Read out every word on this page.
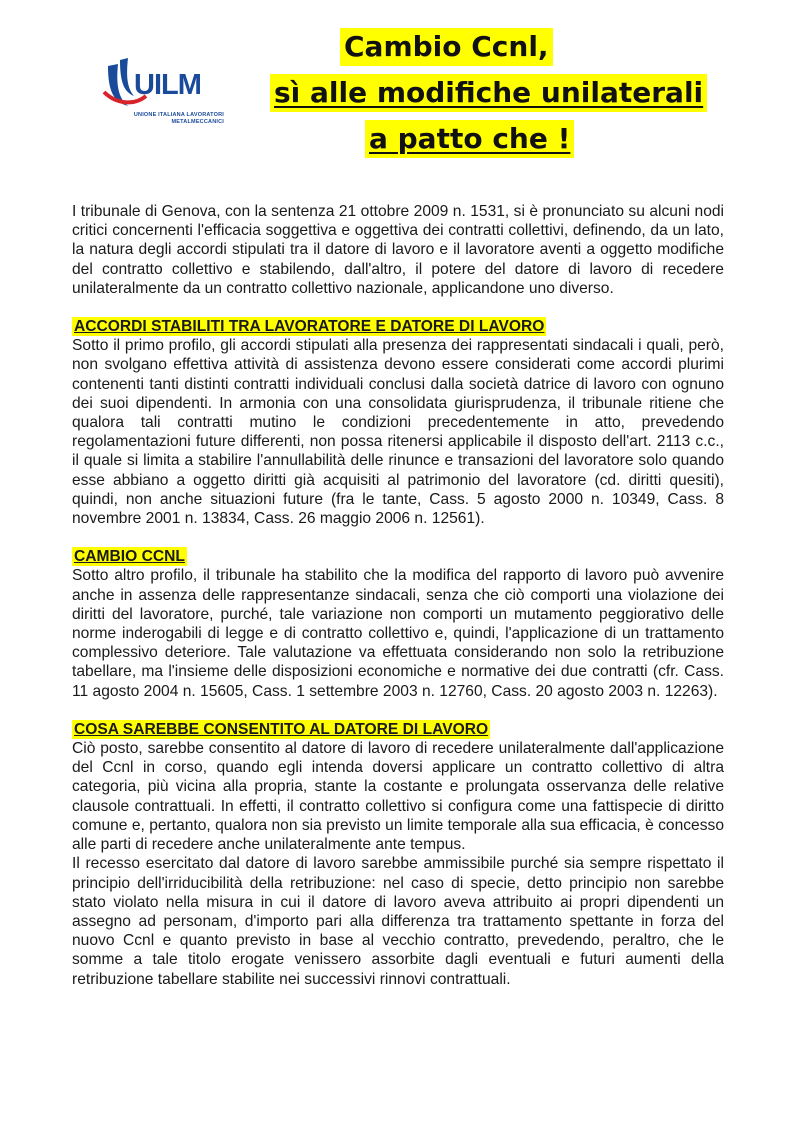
UILM
UNIONE ITALIANA LAVORATORI METALMECCANICI
Cambio Ccnl,
sì alle modifiche unilaterali
a patto che !

I tribunale di Genova, con la sentenza 21 ottobre 2009 n. 1531, si è pronunciato su alcuni nodi critici concernenti l'efficacia soggettiva e oggettiva dei contratti collettivi, definendo, da un lato, la natura degli accordi stipulati tra il datore di lavoro e il lavoratore aventi a oggetto modifiche del contratto collettivo e stabilendo, dall'altro, il potere del datore di lavoro di recedere unilateralmente da un contratto collettivo nazionale, applicandone uno diverso.

ACCORDI STABILITI TRA LAVORATORE E DATORE DI LAVORO

Sotto il primo profilo, gli accordi stipulati alla presenza dei rappresentati sindacali i quali, però, non svolgano effettiva attività di assistenza devono essere considerati come accordi plurimi contenenti tanti distinti contratti individuali conclusi dalla società datrice di lavoro con ognuno dei suoi dipendenti. In armonia con una consolidata giurisprudenza, il tribunale ritiene che qualora tali contratti mutino le condizioni precedentemente in atto, prevedendo regolamentazioni future differenti, non possa ritenersi applicabile il disposto dell'art. 2113 c.c., il quale si limita a stabilire l'annullabilità delle rinunce e transazioni del lavoratore solo quando esse abbiano a oggetto diritti già acquisiti al patrimonio del lavoratore (cd. diritti quesiti), quindi, non anche situazioni future (fra le tante, Cass. 5 agosto 2000 n. 10349, Cass. 8 novembre 2001 n. 13834, Cass. 26 maggio 2006 n. 12561).

CAMBIO CCNL

Sotto altro profilo, il tribunale ha stabilito che la modifica del rapporto di lavoro può avvenire anche in assenza delle rappresentanze sindacali, senza che ciò comporti una violazione dei diritti del lavoratore, purché, tale variazione non comporti un mutamento peggiorativo delle norme inderogabili di legge e di contratto collettivo e, quindi, l'applicazione di un trattamento complessivo deteriore. Tale valutazione va effettuata considerando non solo la retribuzione tabellare, ma l'insieme delle disposizioni economiche e normative dei due contratti (cfr. Cass. 11 agosto 2004 n. 15605, Cass. 1 settembre 2003 n. 12760, Cass. 20 agosto 2003 n. 12263).

COSA SAREBBE CONSENTITO AL DATORE DI LAVORO

Ciò posto, sarebbe consentito al datore di lavoro di recedere unilateralmente dall'applicazione del Ccnl in corso, quando egli intenda doversi applicare un contratto collettivo di altra categoria, più vicina alla propria, stante la costante e prolungata osservanza delle relative clausole contrattuali. In effetti, il contratto collettivo si configura come una fattispecie di diritto comune e, pertanto, qualora non sia previsto un limite temporale alla sua efficacia, è concesso alle parti di recedere anche unilateralmente ante tempus.

Il recesso esercitato dal datore di lavoro sarebbe ammissibile purché sia sempre rispettato il principio dell'irriducibilità della retribuzione: nel caso di specie, detto principio non sarebbe stato violato nella misura in cui il datore di lavoro aveva attribuito ai propri dipendenti un assegno ad personam, d'importo pari alla differenza tra trattamento spettante in forza del nuovo Ccnl e quanto previsto in base al vecchio contratto, prevedendo, peraltro, che le somme a tale titolo erogate venissero assorbite dagli eventuali e futuri aumenti della retribuzione tabellare stabilite nei successivi rinnovi contrattuali.
